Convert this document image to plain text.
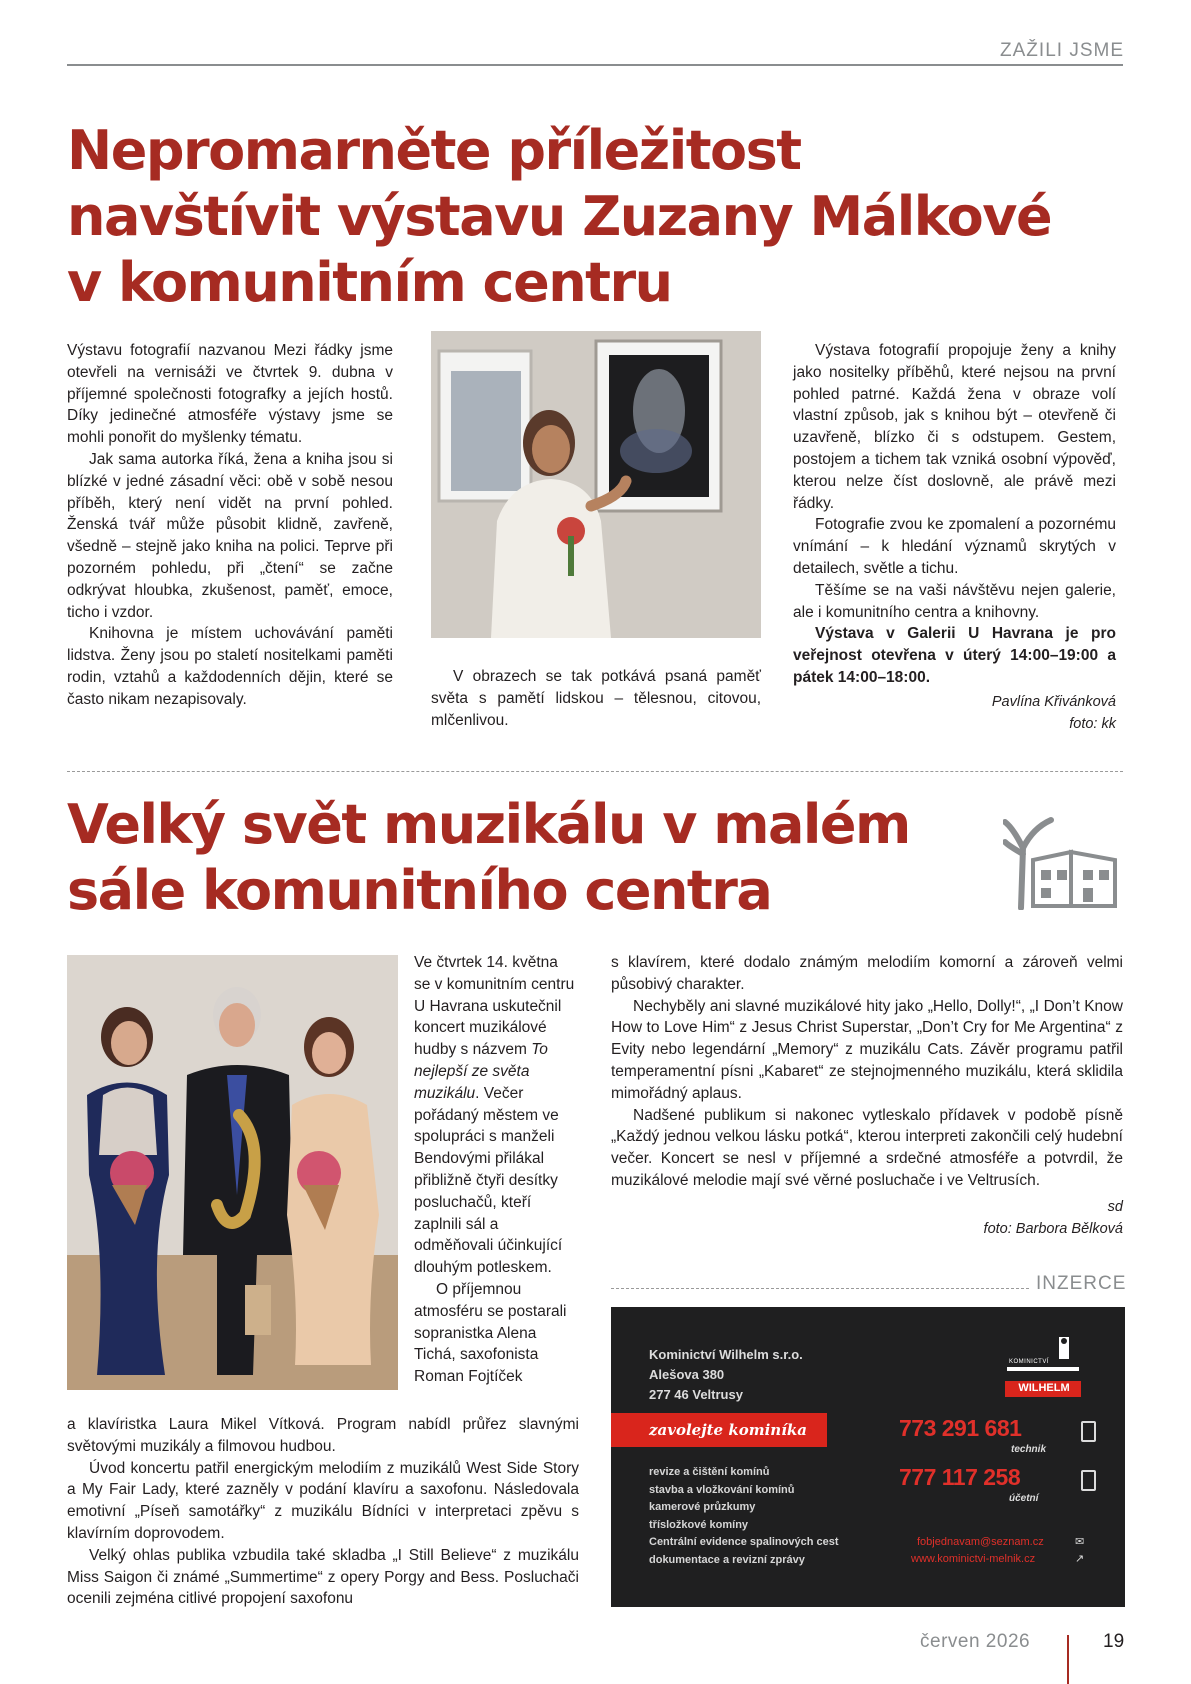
ZAŽILI JSME
Nepromarněte příležitost
navštívit výstavu Zuzany Málkové
v komunitním centru

Výstavu fotografií nazvanou Mezi řádky jsme otevřeli na vernisáži ve čtvrtek 9. dubna v příjemné společnosti fotografky a jejích hostů. Díky jedinečné atmosféře výstavy jsme se mohli ponořit do myšlenky tématu.

Jak sama autorka říká, žena a kniha jsou si blízké v jedné zásadní věci: obě v sobě nesou příběh, který není vidět na první pohled. Ženská tvář může působit klidně, zavřeně, všedně – stejně jako kniha na polici. Teprve při pozorném pohledu, při „čtení“ se začne odkrývat hloubka, zkušenost, paměť, emoce, ticho i vzdor.

Knihovna je místem uchovávání paměti lidstva. Ženy jsou po staletí nositelkami paměti rodin, vztahů a každodenních dějin, které se často nikam nezapisovaly.

V obrazech se tak potkává psaná paměť světa s pamětí lidskou – tělesnou, citovou, mlčenlivou.

Výstava fotografií propojuje ženy a knihy jako nositelky příběhů, které nejsou na první pohled patrné. Každá žena v obraze volí vlastní způsob, jak s knihou být – otevřeně či uzavřeně, blízko či s odstupem. Gestem, postojem a tichem tak vzniká osobní výpověď, kterou nelze číst doslovně, ale právě mezi řádky.

Fotografie zvou ke zpomalení a pozornému vnímání – k hledání významů skrytých v detailech, světle a tichu.

Těšíme se na vaši návštěvu nejen galerie, ale i komunitního centra a knihovny.

Výstava v Galerii U Havrana je pro veřejnost otevřena v úterý 14:00–19:00 a pátek 14:00–18:00.

Pavlína Křivánková
foto: kk
Velký svět muzikálu v malém
sále komunitního centra

Ve čtvrtek 14. května se v komunitním centru U Havrana uskutečnil koncert muzikálové hudby s názvem To nejlepší ze světa muzikálu. Večer pořádaný městem ve spolupráci s manželi Bendovými přilákal přibližně čtyři desítky posluchačů, kteří zaplnili sál a odměňovali účinkující dlouhým potleskem.

O příjemnou atmosféru se postarali sopranistka Alena Tichá, saxofonista Roman Fojtíček

a klavíristka Laura Mikel Vítková. Program nabídl průřez slavnými světovými muzikály a filmovou hudbou.

Úvod koncertu patřil energickým melodiím z muzikálů West Side Story a My Fair Lady, které zazněly v podání klavíru a saxofonu. Následovala emotivní „Píseň samotářky“ z muzikálu Bídníci v interpretaci zpěvu s klavírním doprovodem.

Velký ohlas publika vzbudila také skladba „I Still Believe“ z muzikálu Miss Saigon či známé „Summertime“ z opery Porgy and Bess. Posluchači ocenili zejména citlivé propojení saxofonu

s klavírem, které dodalo známým melodiím komorní a zároveň velmi působivý charakter.

Nechyběly ani slavné muzikálové hity jako „Hello, Dolly!“, „I Don’t Know How to Love Him“ z Jesus Christ Superstar, „Don’t Cry for Me Argentina“ z Evity nebo legendární „Memory“ z muzikálu Cats. Závěr programu patřil temperamentní písni „Kabaret“ ze stejnojmenného muzikálu, která sklidila mimořádný aplaus.

Nadšené publikum si nakonec vytleskalo přídavek v podobě písně „Každý jednou velkou lásku potká“, kterou interpreti zakončili celý hudební večer. Koncert se nesl v příjemné a srdečné atmosféře a potvrdil, že muzikálové melodie mají své věrné posluchače i ve Veltrusích.

sd
foto: Barbora Bělková
INZERCE
Kominictví Wilhelm s.r.o.
Alešova 380
277 46 Veltrusy
zavolejte kominíka
revize a čištění komínů
stavba a vložkování komínů
kamerové průzkumy
třísložkové komíny
Centrální evidence spalinových cest
dokumentace a revizní zprávy
KOMINICTVÍ
WILHELM
773 291 681
technik
777 117 258
účetní
fobjednavam@seznam.cz	✉
www.kominictvi-melnik.cz	↗
červen 2026	19
